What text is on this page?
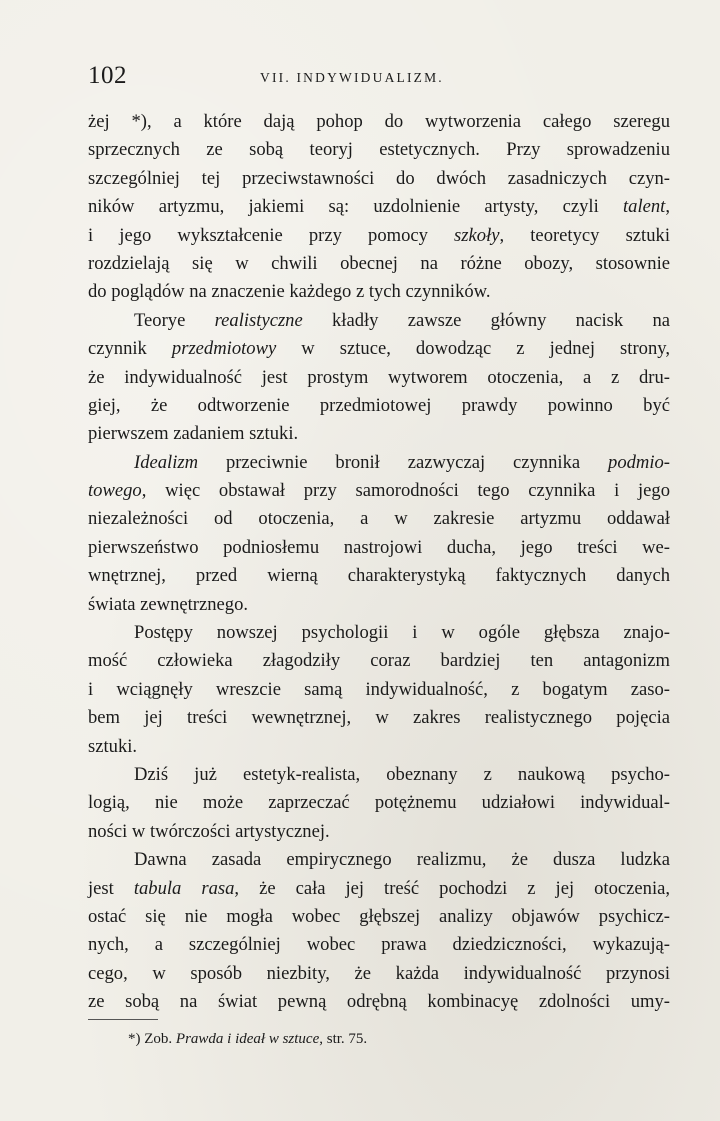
102	VII. INDYWIDUALIZM.
żej *), a które dają pohop do wytworzenia całego szeregu
sprzecznych ze sobą teoryj estetycznych. Przy sprowadzeniu
szczególniej tej przeciwstawności do dwóch zasadniczych czyn-
ników artyzmu, jakiemi są: uzdolnienie artysty, czyli talent,
i jego wykształcenie przy pomocy szkoły, teoretycy sztuki
rozdzielają się w chwili obecnej na różne obozy, stosownie
do poglądów na znaczenie każdego z tych czynników.
Teorye realistyczne kładły zawsze główny nacisk na
czynnik przedmiotowy w sztuce, dowodząc z jednej strony,
że indywidualność jest prostym wytworem otoczenia, a z dru-
giej, że odtworzenie przedmiotowej prawdy powinno być
pierwszem zadaniem sztuki.
Idealizm przeciwnie bronił zazwyczaj czynnika podmio-
towego, więc obstawał przy samorodności tego czynnika i jego
niezależności od otoczenia, a w zakresie artyzmu oddawał
pierwszeństwo podniosłemu nastrojowi ducha, jego treści we-
wnętrznej, przed wierną charakterystyką faktycznych danych
świata zewnętrznego.
Postępy nowszej psychologii i w ogóle głębsza znajo-
mość człowieka złagodziły coraz bardziej ten antagonizm
i wciągnęły wreszcie samą indywidualność, z bogatym zaso-
bem jej treści wewnętrznej, w zakres realistycznego pojęcia
sztuki.
Dziś już estetyk-realista, obeznany z naukową psycho-
logią, nie może zaprzeczać potężnemu udziałowi indywidual-
ności w twórczości artystycznej.
Dawna zasada empirycznego realizmu, że dusza ludzka
jest tabula rasa, że cała jej treść pochodzi z jej otoczenia,
ostać się nie mogła wobec głębszej analizy objawów psychicz-
nych, a szczególniej wobec prawa dziedziczności, wykazują-
cego, w sposób niezbity, że każda indywidualność przynosi
ze sobą na świat pewną odrębną kombinacyę zdolności umy-
*) Zob. Prawda i ideał w sztuce, str. 75.
